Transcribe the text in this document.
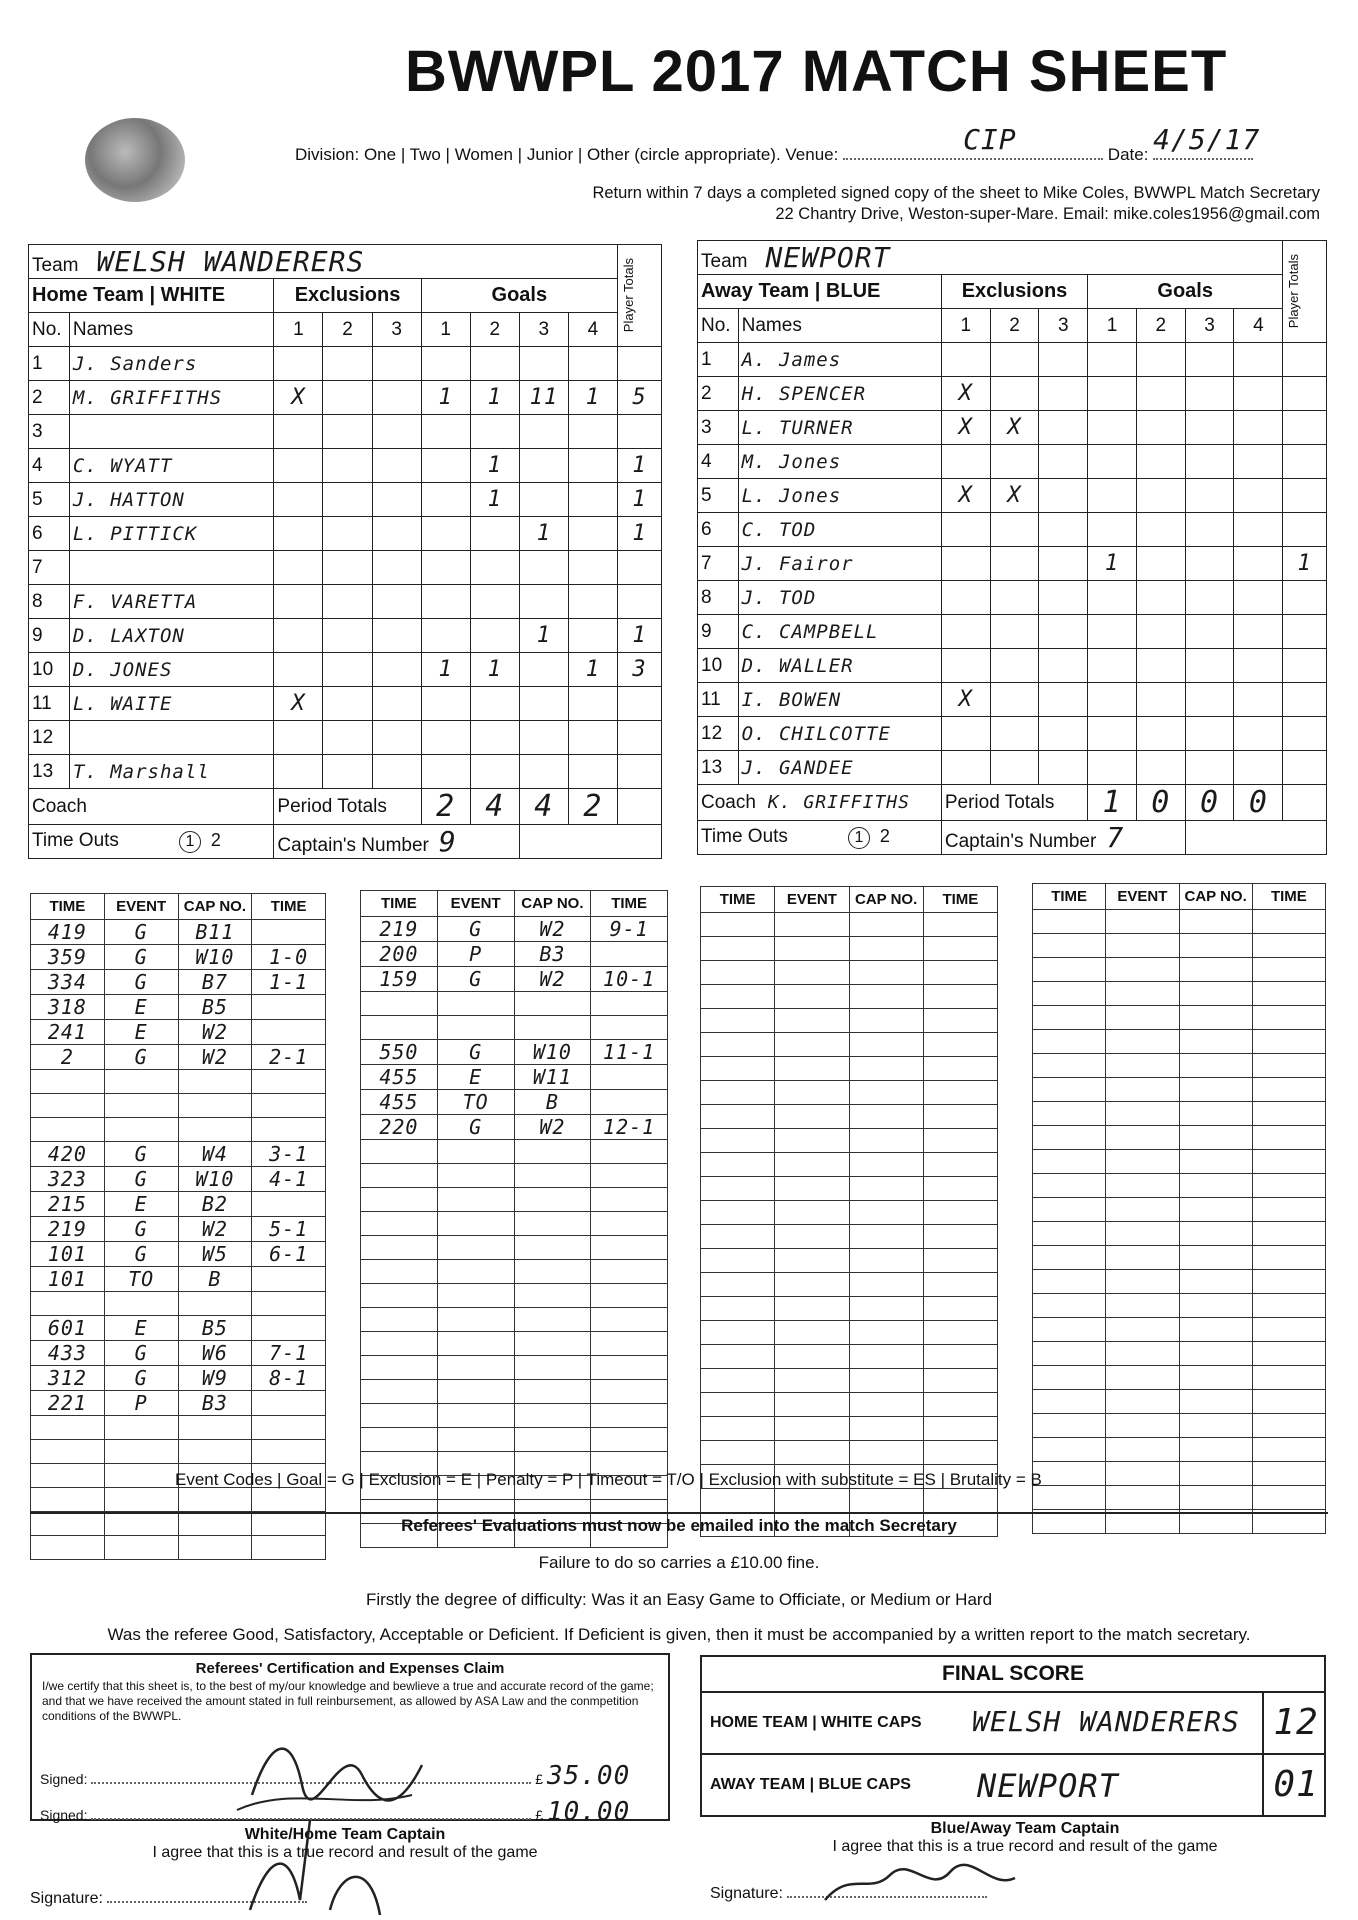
BWWPL 2017 MATCH SHEET
Division: One | Two | Women | Junior | Other (circle appropriate). Venue:	CIP	Date: 4/5/17
Return within 7 days a completed signed copy of the sheet to Mike Coles, BWWPL Match Secretary
22 Chantry Drive, Weston-super-Mare. Email: mike.coles1956@gmail.com
Team WELSH WANDERERS									Player Totals

Home Team | WHITE		Exclusions			Goals				
No.	Names	1	2	3	1	2	3	4	
1	J. Sanders								
2	M. GRIFFITHS	X			1	1	11	1	5
3									
4	C. WYATT					1			1
5	J. HATTON					1			1
6	L. PITTICK						1		1
7									
8	F. VARETTA								
9	D. LAXTON						1		1
10	D. JONES				1	1		1	3
11	L. WAITE	X							
12									
13	T. Marshall								
Coach		Period Totals			2	4	4	2	
Time Outs 1 2		Captain's Number 9							
Team NEWPORT									Player Totals

Away Team | BLUE		Exclusions			Goals				
No.	Names	1	2	3	1	2	3	4	
1	A. James								
2	H. SPENCER	X							
3	L. TURNER	X	X						
4	M. Jones								
5	L. Jones	X	X						
6	C. TOD								
7	J. Fairor				1				1
8	J. TOD								
9	C. CAMPBELL								
10	D. WALLER								
11	I. BOWEN	X							
12	O. CHILCOTTE								
13	J. GANDEE								
Coach K. GRIFFITHS		Period Totals			1	0	0	0	
Time Outs 1 2		Captain's Number 7							
TIME	EVENT	CAP NO.	TIME
419	G	B11	
359	G	W10	1-0
334	G	B7	1-1
318	E	B5	
241	E	W2	
2	G	W2	2-1

420	G	W4	3-1
323	G	W10	4-1
215	E	B2	
219	G	W2	5-1
101	G	W5	6-1
101	TO	B	

601	E	B5	
433	G	W6	7-1
312	G	W9	8-1
221	P	B3	

TIME	EVENT	CAP NO.	TIME
219	G	W2	9-1
200	P	B3	
159	G	W2	10-1

550	G	W10	11-1
455	E	W11	
455	TO	B	
220	G	W2	12-1

TIME	EVENT	CAP NO.	TIME

				TIME	EVENT	CAP NO.	TIME

Event Codes | Goal = G | Exclusion = E | Penalty = P | Timeout = T/O | Exclusion with substitute = ES | Brutality = B
Referees' Evaluations must now be emailed into the match Secretary
Failure to do so carries a £10.00 fine.
Firstly the degree of difficulty: Was it an Easy Game to Officiate, or Medium or Hard
Was the referee Good, Satisfactory, Acceptable or Deficient. If Deficient is given, then it must be accompanied by a written report to the match secretary.
Referees' Certification and Expenses Claim
I/we certify that this sheet is, to the best of my/our knowledge and bewlieve a true and accurate record of the game; and that we have received the amount stated in full reinbursement, as allowed by ASA Law and the conmpetition conditions of the BWWPL.
Signed:	£ 35.00
Signed:	£ 10.00
FINAL SCORE
HOME TEAM | WHITE CAPS WELSH WANDERERS 12
AWAY TEAM | BLUE CAPS NEWPORT	01
White/Home Team Captain
I agree that this is a true record and result of the game
Signature:
Blue/Away Team Captain
I agree that this is a true record and result of the game
Signature:
